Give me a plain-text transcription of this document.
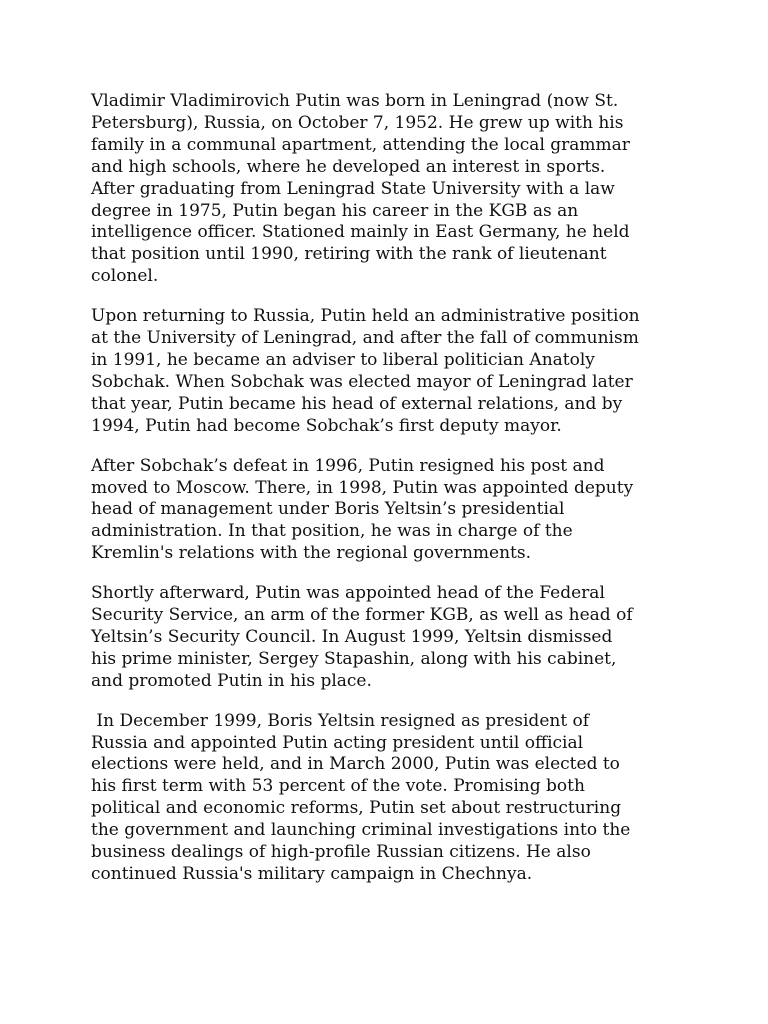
Vladimir Vladimirovich Putin was born in Leningrad (now St.
Petersburg), Russia, on October 7, 1952. He grew up with his
family in a communal apartment, attending the local grammar
and high schools, where he developed an interest in sports.
After graduating from Leningrad State University with a law
degree in 1975, Putin began his career in the KGB as an
intelligence officer. Stationed mainly in East Germany, he held
that position until 1990, retiring with the rank of lieutenant
colonel.

Upon returning to Russia, Putin held an administrative position
at the University of Leningrad, and after the fall of communism
in 1991, he became an adviser to liberal politician Anatoly
Sobchak. When Sobchak was elected mayor of Leningrad later
that year, Putin became his head of external relations, and by
1994, Putin had become Sobchak’s first deputy mayor.

After Sobchak’s defeat in 1996, Putin resigned his post and
moved to Moscow. There, in 1998, Putin was appointed deputy
head of management under Boris Yeltsin’s presidential
administration. In that position, he was in charge of the
Kremlin's relations with the regional governments.

Shortly afterward, Putin was appointed head of the Federal
Security Service, an arm of the former KGB, as well as head of
Yeltsin’s Security Council. In August 1999, Yeltsin dismissed
his prime minister, Sergey Stapashin, along with his cabinet,
and promoted Putin in his place.

In December 1999, Boris Yeltsin resigned as president of
Russia and appointed Putin acting president until official
elections were held, and in March 2000, Putin was elected to
his first term with 53 percent of the vote. Promising both
political and economic reforms, Putin set about restructuring
the government and launching criminal investigations into the
business dealings of high-profile Russian citizens. He also
continued Russia's military campaign in Chechnya.
